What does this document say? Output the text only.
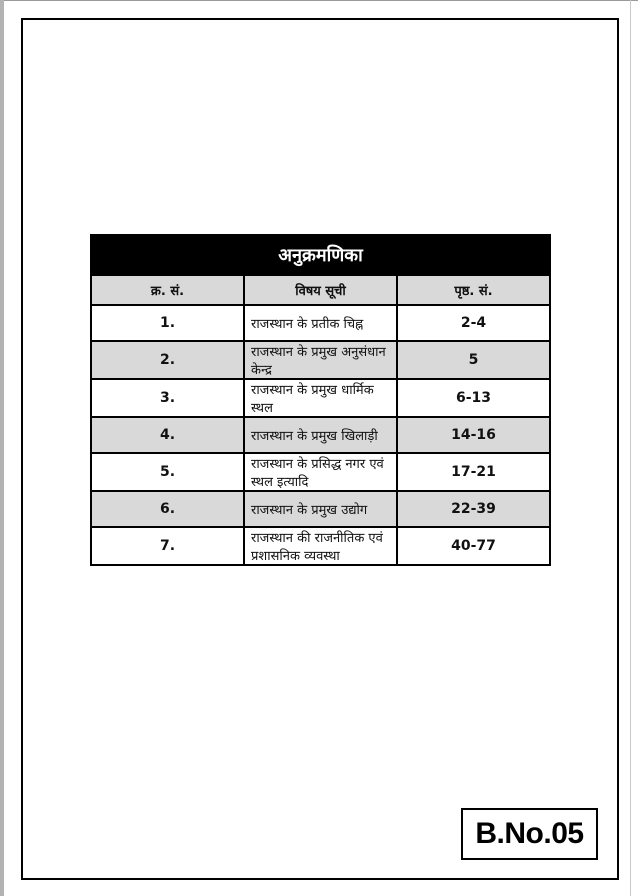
अनुक्रमणिका		
क्र. सं.	विषय सूची	पृष्ठ. सं.
1.	राजस्थान के प्रतीक चिह्न	2-4
2.	राजस्थान के प्रमुख अनुसंधान केन्द्र	5
3.	राजस्थान के प्रमुख धार्मिक स्थल	6-13
4.	राजस्थान के प्रमुख खिलाड़ी	14-16
5.	राजस्थान के प्रसिद्ध नगर एवं स्थल इत्यादि	17-21
6.	राजस्थान के प्रमुख उद्योग	22-39
7.	राजस्थान की राजनीतिक एवं प्रशासनिक व्यवस्था	40-77
B.No.05
